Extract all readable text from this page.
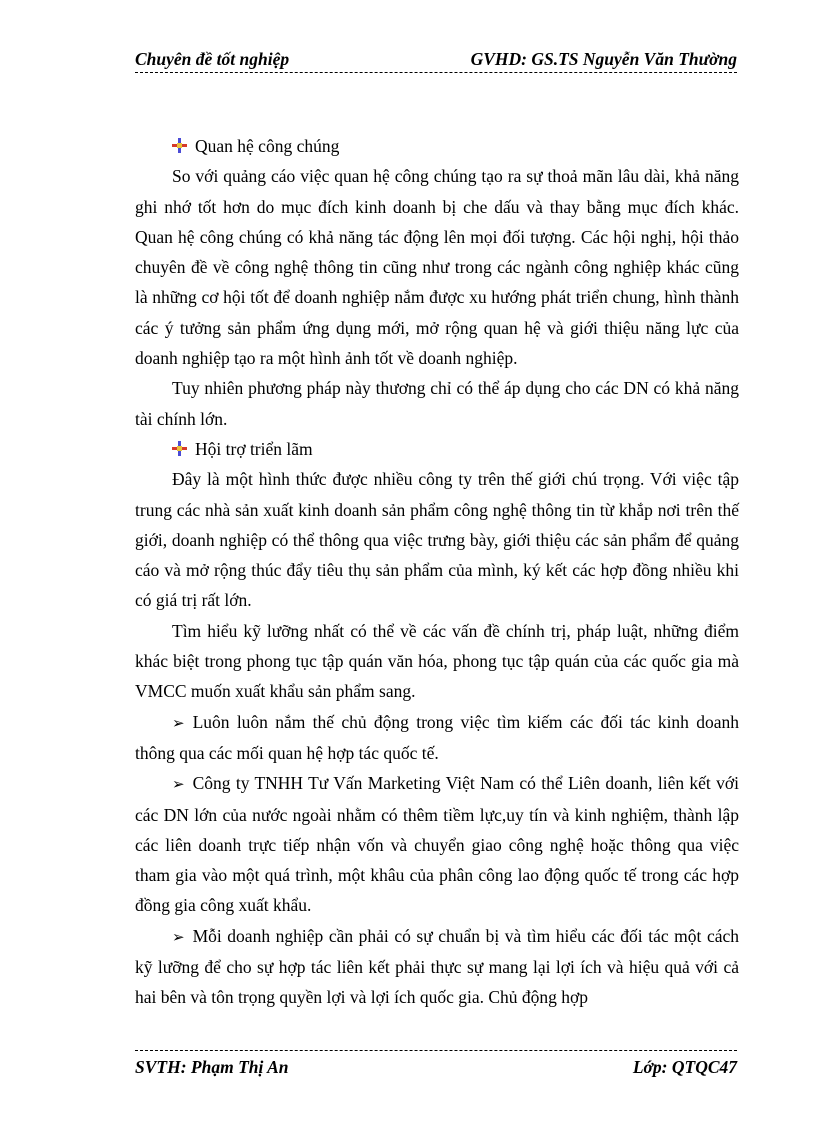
Chuyên đề tốt nghiệp	GVHD: GS.TS Nguyễn Văn Thường

Quan hệ công chúng

So với quảng cáo việc quan hệ công chúng tạo ra sự thoả mãn lâu dài, khả năng ghi nhớ tốt hơn do mục đích kinh doanh bị che dấu và thay bằng mục đích khác. Quan hệ công chúng có khả năng tác động lên mọi đối tượng. Các hội nghị, hội thảo chuyên đề về công nghệ thông tin cũng như trong các ngành công nghiệp khác cũng là những cơ hội tốt để doanh nghiệp nắm được xu hướng phát triển chung, hình thành các ý tưởng sản phẩm ứng dụng mới, mở rộng quan hệ và giới thiệu năng lực của doanh nghiệp tạo ra một hình ảnh tốt về doanh nghiệp.

Tuy nhiên phương pháp này thương chỉ có thể áp dụng cho các DN có khả năng tài chính lớn.

Hội trợ triển lãm

Đây là một hình thức được nhiều công ty trên thế giới chú trọng. Với việc tập trung các nhà sản xuất kinh doanh sản phẩm công nghệ thông tin từ khắp nơi trên thế giới, doanh nghiệp có thể thông qua việc trưng bày, giới thiệu các sản phẩm để quảng cáo và mở rộng thúc đẩy tiêu thụ sản phẩm của mình, ký kết các hợp đồng nhiều khi có giá trị rất lớn.

Tìm hiểu kỹ lưỡng nhất có thể về các vấn đề chính trị, pháp luật, những điểm khác biệt trong phong tục tập quán văn hóa, phong tục tập quán của các quốc gia mà VMCC muốn xuất khẩu sản phẩm sang.

➢ Luôn luôn nắm thế chủ động trong việc tìm kiếm các đối tác kinh doanh thông qua các mối quan hệ hợp tác quốc tế.

➢ Công ty TNHH Tư Vấn Marketing Việt Nam có thể Liên doanh, liên kết với các DN lớn của nước ngoài nhằm có thêm tiềm lực,uy tín và kinh nghiệm, thành lập các liên doanh trực tiếp nhận vốn và chuyển giao công nghệ hoặc thông qua việc tham gia vào một quá trình, một khâu của phân công lao động quốc tế trong các hợp đồng gia công xuất khẩu.

➢ Mỗi doanh nghiệp cần phải có sự chuẩn bị và tìm hiểu các đối tác một cách kỹ lưỡng để cho sự hợp tác liên kết phải thực sự mang lại lợi ích và hiệu quả với cả hai bên và tôn trọng quyền lợi và lợi ích quốc gia. Chủ động hợp

SVTH: Phạm Thị An	Lớp: QTQC47
